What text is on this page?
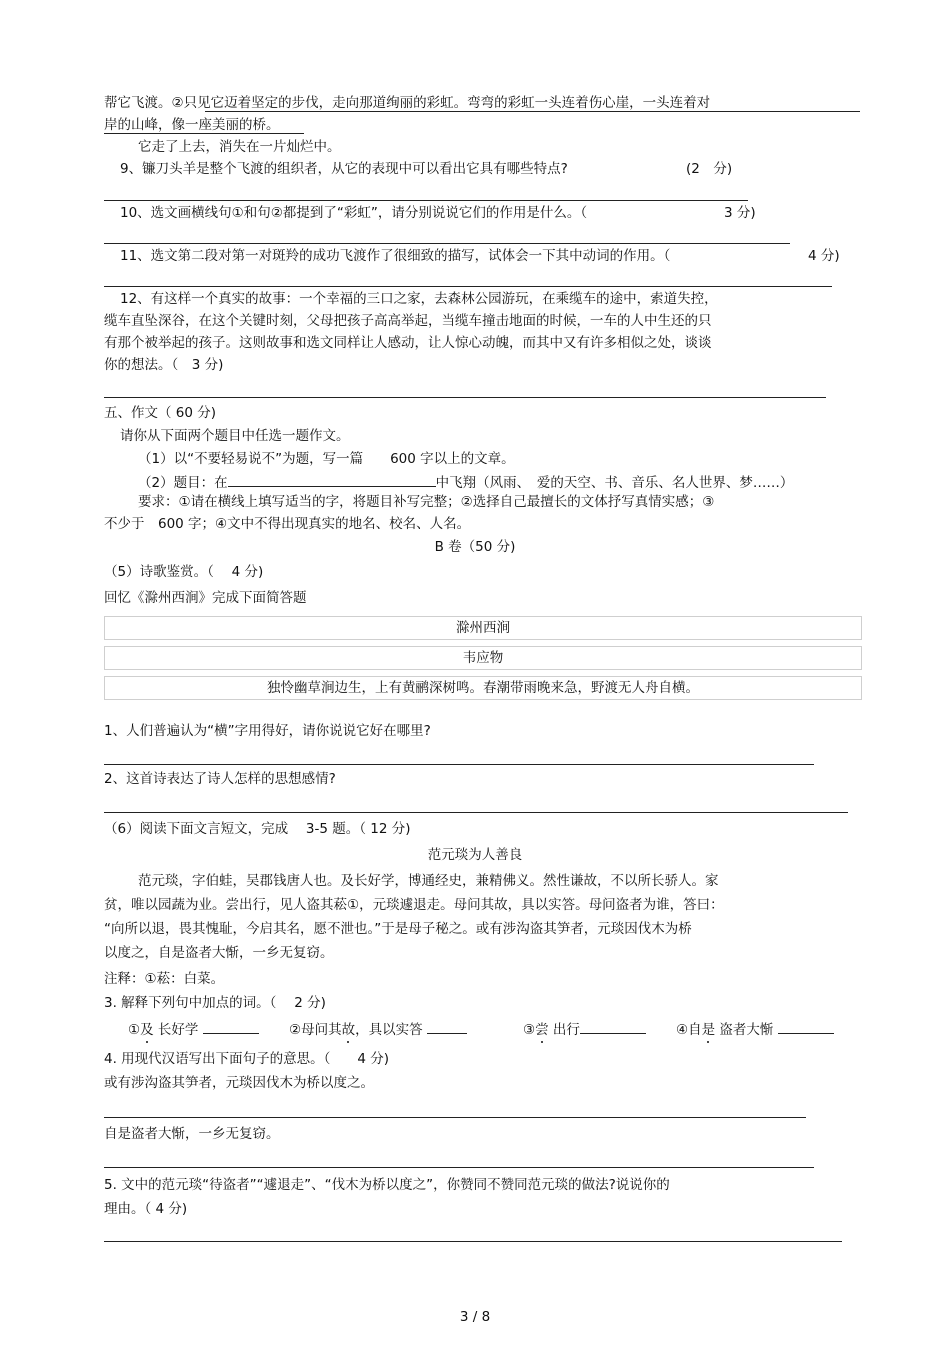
帮它飞渡。②只见它迈着坚定的步伐，走向那道绚丽的彩虹。弯弯的彩虹一头连着伤心崖，一头连着对
岸的山峰，像一座美丽的桥。
它走了上去，消失在一片灿烂中。
9、镰刀头羊是整个飞渡的组织者，从它的表现中可以看出它具有哪些特点?	(2　分)
10、选文画横线句①和句②都提到了“彩虹”，请分别说说它们的作用是什么。（	3 分)
11、选文第二段对第一对斑羚的成功飞渡作了很细致的描写，试体会一下其中动词的作用。（	4 分)
12、有这样一个真实的故事：一个幸福的三口之家，去森林公园游玩，在乘缆车的途中，索道失控，
缆车直坠深谷，在这个关键时刻，父母把孩子高高举起，当缆车撞击地面的时候，一车的人中生还的只
有那个被举起的孩子。这则故事和选文同样让人感动，让人惊心动魄，而其中又有许多相似之处，谈谈
你的想法。（　3 分)
五、作文（ 60 分)
请你从下面两个题目中任选一题作文。
（1）以“不要轻易说不”为题，写一篇　　600 字以上的文章。
（2）题目：在	中飞翔（风雨、　爱的天空、书、音乐、名人世界、梦……）
要求：①请在横线上填写适当的字，将题目补写完整；②选择自己最擅长的文体抒写真情实感；③
不少于　600 字；④文中不得出现真实的地名、校名、人名。
B 卷（50 分)
（5）诗歌鉴赏。（　 4 分)
回忆《滁州西涧》完成下面简答题
滁州西涧
韦应物
独怜幽草涧边生，上有黄鹂深树鸣。春潮带雨晚来急，野渡无人舟自横。
1、人们普遍认为“横”字用得好，请你说说它好在哪里?
2、这首诗表达了诗人怎样的思想感情?
（6）阅读下面文言短文，完成　 3-5 题。（ 12 分)
范元琰为人善良
范元琰，字伯蛙，吴郡钱唐人也。及长好学，博通经史，兼精佛义。然性谦故，不以所长骄人。家
贫，唯以园蔬为业。尝出行，见人盗其菘①，元琰遽退走。母问其故，具以实答。母问盗者为谁，答曰：
“向所以退，畏其愧耻，今启其名，愿不泄也。”于是母子秘之。或有涉沟盗其笋者，元琰因伐木为桥
以度之，自是盗者大惭，一乡无复窃。
注释：①菘：白菜。
3. 解释下列句中加点的词。（　 2 分)
①及 长好学	②母问其故，具以实答	③尝 出行	④自是 盗者大惭
4. 用现代汉语写出下面句子的意思。（　　4 分)
或有涉沟盗其笋者，元琰因伐木为桥以度之。
自是盗者大惭，一乡无复窃。
5. 文中的范元琰“待盗者”“遽退走”、“伐木为桥以度之”，你赞同不赞同范元琰的做法?说说你的
理由。（ 4 分)
3 / 8
